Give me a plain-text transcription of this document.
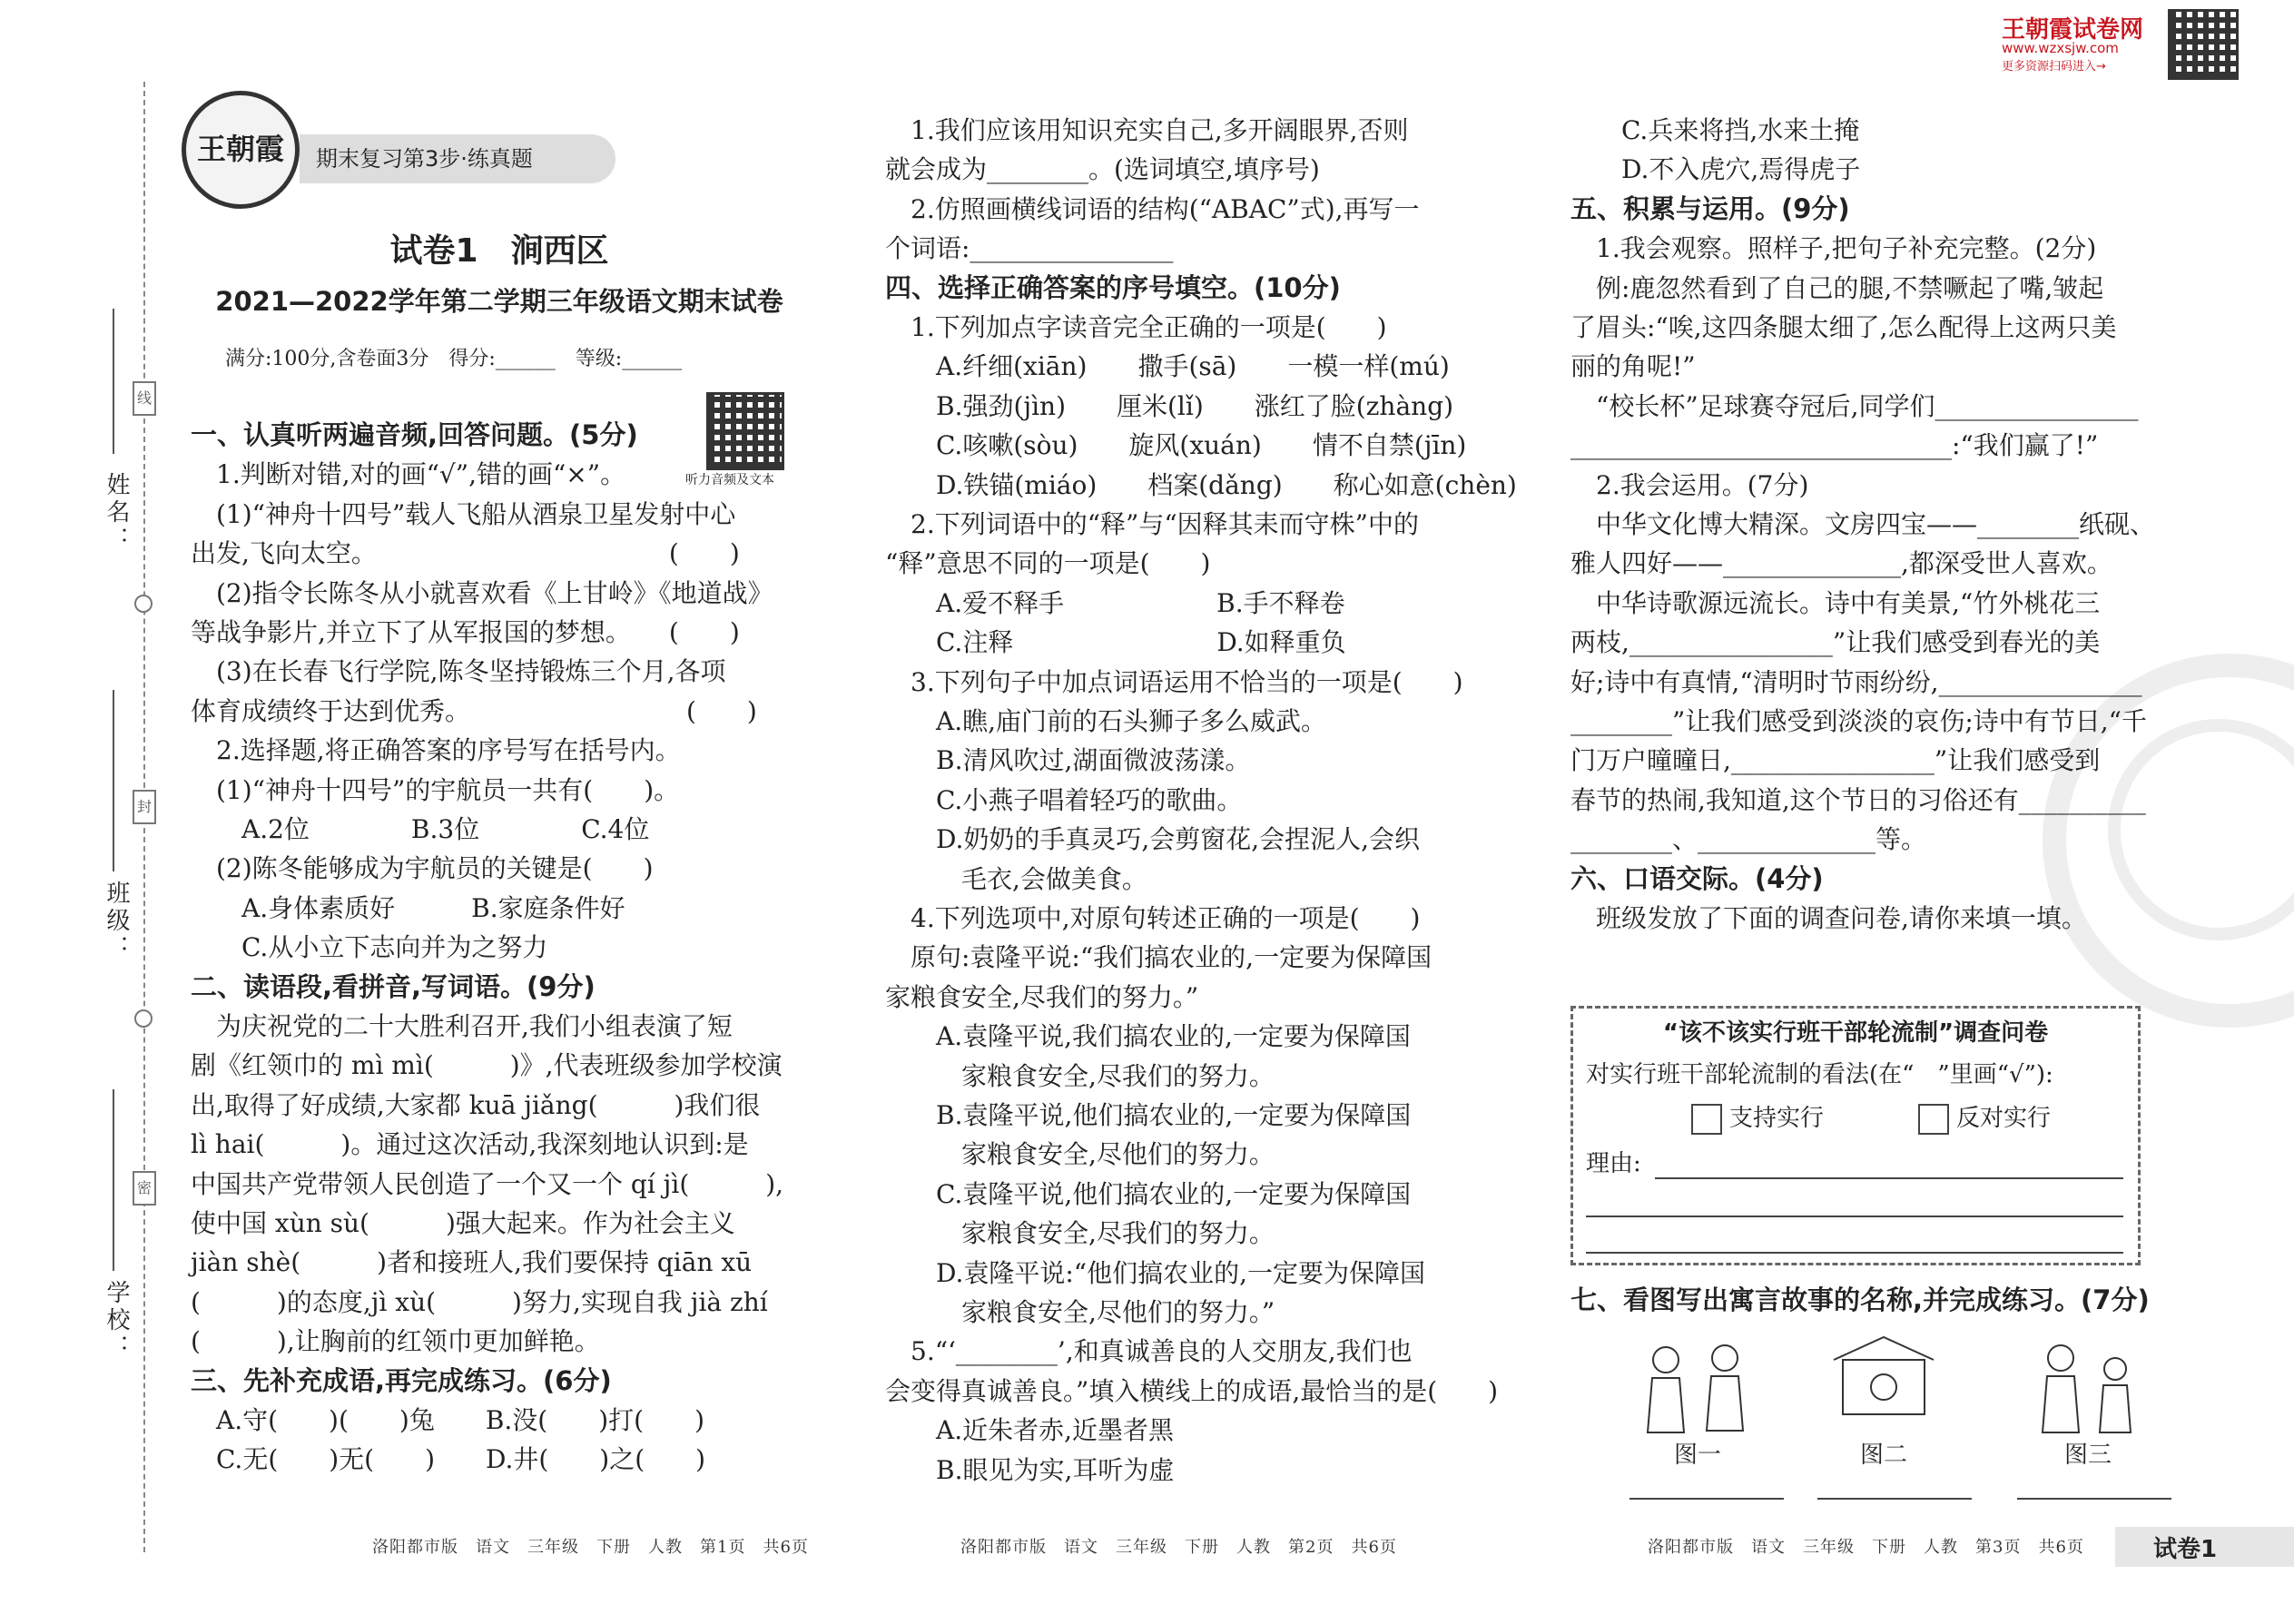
姓名：
班级：
学校：
线
封
密
王朝霞	期末复习第3步·练真题
王朝霞试卷网
www.wzxsjw.com
更多资源扫码进入→
试卷1　涧西区
2021—2022学年第二学期三年级语文期末试卷
满分:100分,含卷面3分　得分:______　等级:______
听力音频及文本
一、认真听两遍音频,回答问题。(5分)
　1.判断对错,对的画“√”,错的画“×”。
　(1)“神舟十四号”载人飞船从酒泉卫星发射中心
出发,飞向太空。　　　　　　　　　　　　(　　)
　(2)指令长陈冬从小就喜欢看《上甘岭》《地道战》
等战争影片,并立下了从军报国的梦想。　　(　　)
　(3)在长春飞行学院,陈冬坚持锻炼三个月,各项
体育成绩终于达到优秀。　　　　　　　　　(　　)
　2.选择题,将正确答案的序号写在括号内。
　(1)“神舟十四号”的宇航员一共有(　　)。
　　A.2位　　　　B.3位　　　　C.4位
　(2)陈冬能够成为宇航员的关键是(　　)
　　A.身体素质好　　　B.家庭条件好
　　C.从小立下志向并为之努力
二、读语段,看拼音,写词语。(9分)
　为庆祝党的二十大胜利召开,我们小组表演了短
剧《红领巾的 mì mì(　　　)》,代表班级参加学校演
出,取得了好成绩,大家都 kuā jiǎng(　　　)我们很
lì hai(　　　)。通过这次活动,我深刻地认识到:是
中国共产党带领人民创造了一个又一个 qí jì(　　　),
使中国 xùn sù(　　　)强大起来。作为社会主义
jiàn shè(　　　)者和接班人,我们要保持 qiān xū
(　　　)的态度,jì xù(　　　)努力,实现自我 jià zhí
(　　　),让胸前的红领巾更加鲜艳。
三、先补充成语,再完成练习。(6分)
　A.守(　　)(　　)兔　　B.没(　　)打(　　)
　C.无(　　)无(　　)　　D.井(　　)之(　　)
　1.我们应该用知识充实自己,多开阔眼界,否则
就会成为________。(选词填空,填序号)
　2.仿照画横线词语的结构(“ABAC”式),再写一
个词语:________________
四、选择正确答案的序号填空。(10分)
　1.下列加点字读音完全正确的一项是(　　)
　　A.纤细(xiān)　　撒手(sā)　　一模一样(mú)
　　B.强劲(jìn)　　厘米(lǐ)　　涨红了脸(zhàng)
　　C.咳嗽(sòu)　　旋风(xuán)　　情不自禁(jīn)
　　D.铁锚(miáo)　　档案(dǎng)　　称心如意(chèn)
　2.下列词语中的“释”与“因释其耒而守株”中的
“释”意思不同的一项是(　　)
　　A.爱不释手　　　　　　B.手不释卷
　　C.注释　　　　　　　　D.如释重负
　3.下列句子中加点词语运用不恰当的一项是(　　)
　　A.瞧,庙门前的石头狮子多么威武。
　　B.清风吹过,湖面微波荡漾。
　　C.小燕子唱着轻巧的歌曲。
　　D.奶奶的手真灵巧,会剪窗花,会捏泥人,会织
　　　毛衣,会做美食。
　4.下列选项中,对原句转述正确的一项是(　　)
　原句:袁隆平说:“我们搞农业的,一定要为保障国
家粮食安全,尽我们的努力。”
　　A.袁隆平说,我们搞农业的,一定要为保障国
　　　家粮食安全,尽我们的努力。
　　B.袁隆平说,他们搞农业的,一定要为保障国
　　　家粮食安全,尽他们的努力。
　　C.袁隆平说,他们搞农业的,一定要为保障国
　　　家粮食安全,尽我们的努力。
　　D.袁隆平说:“他们搞农业的,一定要为保障国
　　　家粮食安全,尽他们的努力。”
　5.“‘________’,和真诚善良的人交朋友,我们也
会变得真诚善良。”填入横线上的成语,最恰当的是(　　)
　　A.近朱者赤,近墨者黑
　　B.眼见为实,耳听为虚
　　C.兵来将挡,水来土掩
　　D.不入虎穴,焉得虎子
五、积累与运用。(9分)
　1.我会观察。照样子,把句子补充完整。(2分)
　例:鹿忽然看到了自己的腿,不禁噘起了嘴,皱起
了眉头:“唉,这四条腿太细了,怎么配得上这两只美
丽的角呢!”
　“校长杯”足球赛夺冠后,同学们________________
______________________________:“我们赢了!”
　2.我会运用。(7分)
　中华文化博大精深。文房四宝——________纸砚、
雅人四好——______________,都深受世人喜欢。
　中华诗歌源远流长。诗中有美景,“竹外桃花三
两枝,________________”让我们感受到春光的美
好;诗中有真情,“清明时节雨纷纷,________________
________”让我们感受到淡淡的哀伤;诗中有节日,“千
门万户曈曈日,________________”让我们感受到
春节的热闹,我知道,这个节日的习俗还有__________
________、______________等。
六、口语交际。(4分)
　班级发放了下面的调查问卷,请你来填一填。
“该不该实行班干部轮流制”调查问卷
对实行班干部轮流制的看法(在“　”里画“√”):
支持实行	反对实行
理由:
七、看图写出寓言故事的名称,并完成练习。(7分)
图一	图二	图三
洛阳都市版　语文　三年级　下册　人教　第1页　共6页	洛阳都市版　语文　三年级　下册　人教　第2页　共6页	洛阳都市版　语文　三年级　下册　人教　第3页　共6页	试卷1
